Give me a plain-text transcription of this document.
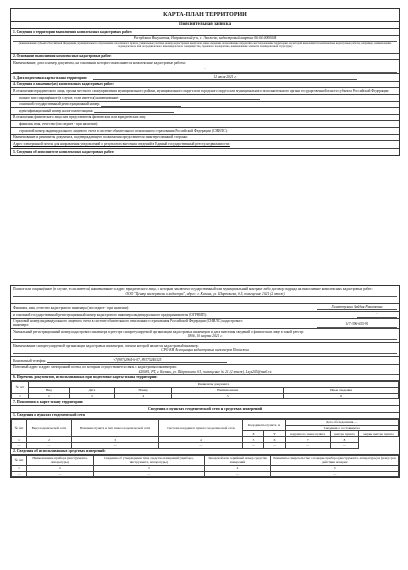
КАРТА-ПЛАН ТЕРРИТОРИИ
Пояснительная записка
1. Сведения о территории выполнения комплексных кадастровых работ:
Республика Ингушетия, Назрановский р-н, с. Экажево, кадастровый квартал 06:04:0000004
(наименование субъекта Российской Федерации, муниципального образования, населенного пункта, уникальные учетные номера кадастровых кварталов, иные сведения, позволяющие определить местоположение территории, на которой выполняются комплексные кадастровые работы, например, наименование садоводческого или огороднического некоммерческого товарищества, гаражного кооператива, наименование элемента планировочной структуры)
2. Основание выполнения комплексных кадастровых работ:
Наименование, дата и номер документа, на основании которого выполняются комплексные кадастровые работы:
-
3. Дата подготовки карты-плана территории:	12 июля 2021 г.
4. Сведения о заказчике(ах) комплексных кадастровых работ:
В отношении юридического лица, органа местного самоуправления муниципального района, муниципального округа или городского округа или муниципального исполнительного органа государственной власти субъекта Российской Федерации:
полное или сокращённое (в случае, если имеется) наименование:
основной государственный регистрационный номер:
идентификационный номер налогоплательщика:
В отношении физического лица или представителя физических или юридических лиц:
фамилия, имя, отчество (последнее - при наличии):
страховой номер индивидуального лицевого счета в системе обязательного пенсионного страхования Российской Федерации (СНИЛС):
Наименование и реквизиты документа, подтверждающего полномочия представителя заинтересованной стороны:
Адрес электронной почты для направления уведомлений о результатах внесения сведений в Единый государственный реестр недвижимости:
5. Сведения об исполнителе комплексных кадастровых работ:
Полное или сокращённое (в случае, если имеется) наименование и адрес юридического лица, с которым заключен государственный или муниципальный контракт либо договор подряда на выполнение комплексных кадастровых работ:
ООО "Центр экспертизы и кадастра", адрес: г. Казань, ул. Шартлиева, д.5, помещение 1021 (2 этаж)
Фамилия, имя, отчество кадастрового инженера (последнее - при наличии):	Гиматтулина Зайдия Ринатовна
и основной государственный регистрационный номер кадастрового инженера индивидуального предпринимателя (ОГРНИП):	-
Страховой номер индивидуального лицевого счета в системе обязательного пенсионного страхования Российской Федерации (СНИЛС) кадастрового инженера:	117-396-655-91
Уникальный регистрационный номер кадастрового инженера в реестре саморегулируемой организации кадастровых инженеров и дата внесения сведений о физическом лице в такой реестр:
1806, 10 марта 2021 г.
Наименование саморегулируемой организации кадастровых инженеров, членом которой является кадастровый инженер:
СРО КИ Ассоциация кадастровых инженеров Поволжья
Контактный телефон:	+7(987)2964-6-07, 89375246325
Почтовый адрес и адрес электронной почты, по которым осуществляется связь с кадастровым инженером:
420081, РТ, г. Казань, ул. Шартлиева д.5, помещение № 21 (2 этаж), Lsys205@mail.ru
6. Перечень документов, использованных при подготовке карты-плана территории:
№ п/п	Реквизиты документа				
	Вид	Дата	Номер	Наименование	Иные сведения
1	2	3	4	5	6
7. Пояснения к карте-плану территории:
Сведения о пунктах геодезической сети и средствах измерений
1. Сведения о пунктах геодезической сети
№ п/п	Вид геодезической сети	Название пункта и тип знака геодезической сети	Система координат пункта геодезической сети	Координаты пункта, м		Дата обследования —		
						Сведения о состоянии на		
				X	Y	наружного знака пункта	центра пункта	марки центра пункта
1	2	3	4	5	6	7	8
—	—	—	—	—	—	—	—
2. Сведения об использованных средствах измерений:
№ п/п	Наименование прибора (инструмента, аппаратуры)	Сведения об утверждении типа средства измерений (прибора, инструмента, аппаратуры)	Заводской или серийный номер средства измерений	Реквизиты свидетельства о поверке прибора (инструмента, аппаратуры) и (или) срок действия поверки
1	2	3	4	5
—	—	—	—	—
